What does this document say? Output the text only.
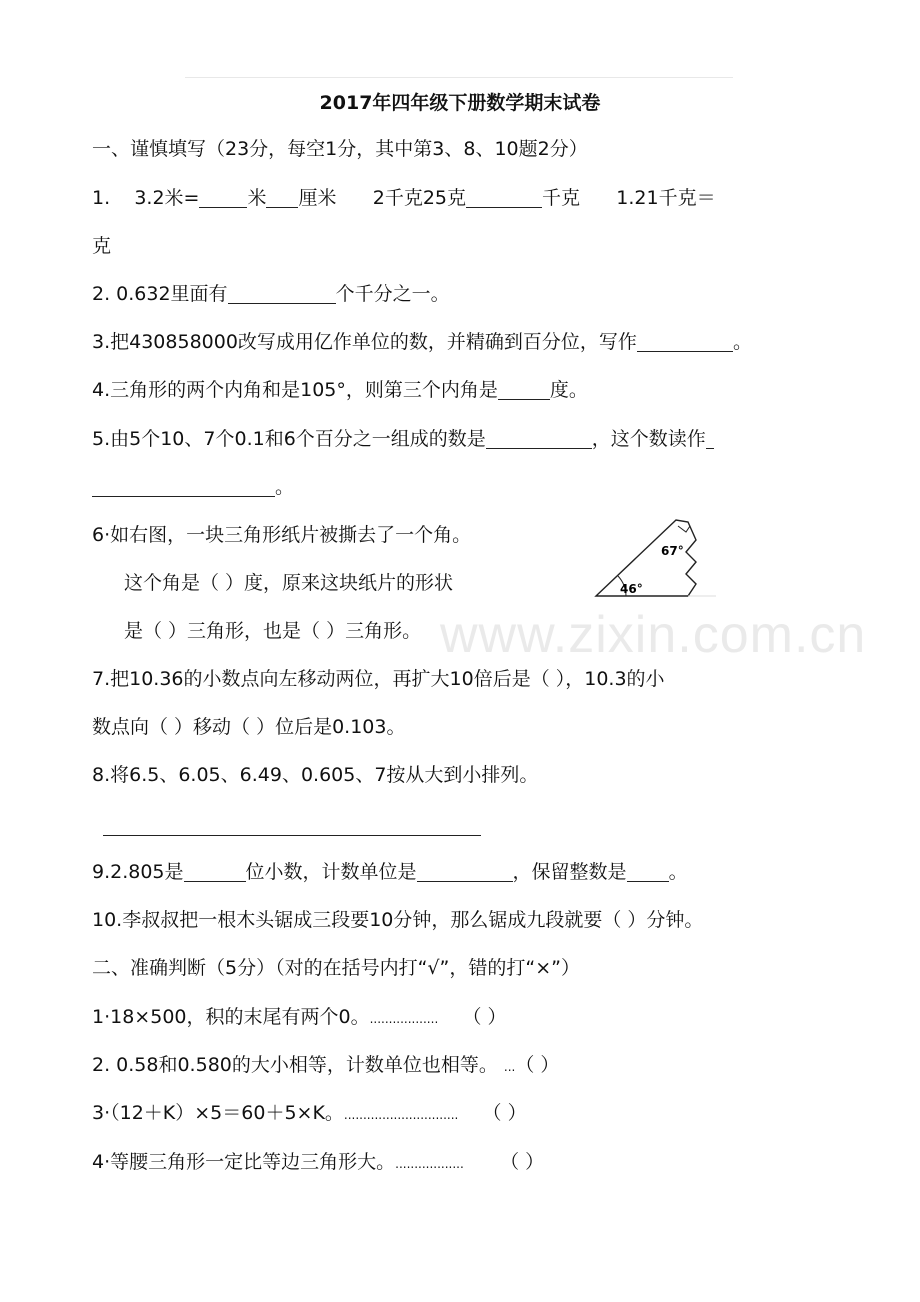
2017年四年级下册数学期末试卷
一、谨慎填写（23分，每空1分，其中第3、8、10题2分）
1. 3.2米=	米 厘米 2千克25克	千克 1.21千克＝
克
2. 0.632里面有	个千分之一。
3.把430858000改写成用亿作单位的数，并精确到百分位，写作	。
4.三角形的两个内角和是105°，则第三个内角是	度。
5.由5个10、7个0.1和6个百分之一组成的数是	，这个数读作
。
6·如右图，一块三角形纸片被撕去了一个角。
这个角是（ ）度，原来这块纸片的形状
是（ ）三角形，也是（ ）三角形。
67°
46°
www.zixin.com.cn
7.把10.36的小数点向左移动两位，再扩大10倍后是（ ），10.3的小
数点向（ ）移动（ ）位后是0.103。
8.将6.5、6.05、6.49、0.605、7按从大到小排列。
9.2.805是	位小数，计数单位是	，保留整数是 。
10.李叔叔把一根木头锯成三段要10分钟，那么锯成九段就要（ ）分钟。
二、准确判断（5分）（对的在括号内打“√”，错的打“×”）
1·18×500，积的末尾有两个0。.................. （ ）
2. 0.58和0.580的大小相等，计数单位也相等。 ...（ ）
3·（12＋K）×5＝60＋5×K。.............................. （ ）
4·等腰三角形一定比等边三角形大。.................. （ ）
